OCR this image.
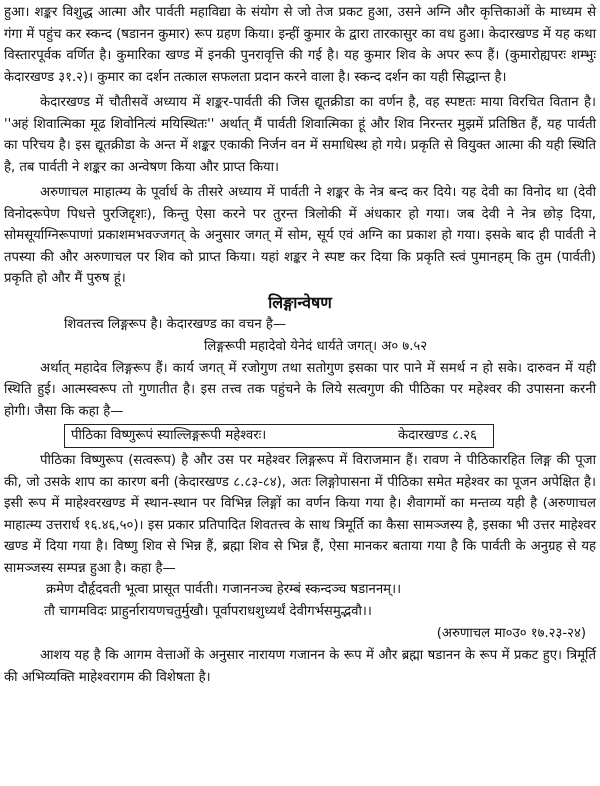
हुआ। शङ्कर विशुद्ध आत्मा और पार्वती महाविद्या के संयोग से जो तेज प्रकट हुआ, उसने अग्नि और कृत्तिकाओं के माध्यम से गंगा में पहुंच कर स्कन्द (षडानन कुमार) रूप ग्रहण किया। इन्हीं कुमार के द्वारा तारकासुर का वध हुआ। केदारखण्ड में यह कथा विस्तारपूर्वक वर्णित है। कुमारिका खण्ड में इनकी पुनरावृत्ति की गई है। यह कुमार शिव के अपर रूप हैं। (कुमारोह्यपरः शम्भुः केदारखण्ड ३१.२)। कुमार का दर्शन तत्काल सफलता प्रदान करने वाला है। स्कन्द दर्शन का यही सिद्धान्त है।

केदारखण्ड में चौतीसवें अध्याय में शङ्कर-पार्वती की जिस द्यूतक्रीडा का वर्णन है, वह स्पष्टतः माया विरचित वितान है। ''अहं शिवात्मिका मूढ शिवोनित्यं मयिस्थितः'' अर्थात् मैं पार्वती शिवात्मिका हूं और शिव निरन्तर मुझमें प्रतिष्ठित हैं, यह पार्वती का परिचय है। इस द्यूतक्रीडा के अन्त में शङ्कर एकाकी निर्जन वन में समाधिस्थ हो गये। प्रकृति से वियुक्त आत्मा की यही स्थिति है, तब पार्वती ने शङ्कर का अन्वेषण किया और प्राप्त किया।

अरुणाचल माहात्म्य के पूर्वार्ध के तीसरे अध्याय में पार्वती ने शङ्कर के नेत्र बन्द कर दिये। यह देवी का विनोद था (देवी विनोदरूपेण पिधत्ते पुरजिद्दृशः), किन्तु ऐसा करने पर तुरन्त त्रिलोकी में अंधकार हो गया। जब देवी ने नेत्र छोड़ दिया, सोमसूर्याग्निरूपाणां प्रकाशमभवज्जगत् के अनुसार जगत् में सोम, सूर्य एवं अग्नि का प्रकाश हो गया। इसके बाद ही पार्वती ने तपस्या की और अरुणाचल पर शिव को प्राप्त किया। यहां शङ्कर ने स्पष्ट कर दिया कि प्रकृति स्त्वं पुमानहम् कि तुम (पार्वती) प्रकृति हो और मैं पुरुष हूं।

लिङ्गान्वेषण
शिवतत्त्व लिङ्गरूप है। केदारखण्ड का वचन है—
लिङ्गरूपी महादेवो येनेदं धार्यते जगत्। अ० ७.५२

अर्थात् महादेव लिङ्गरूप हैं। कार्य जगत् में रजोगुण तथा सतोगुण इसका पार पाने में समर्थ न हो सके। दारुवन में यही स्थिति हुई। आत्मस्वरूप तो गुणातीत है। इस तत्त्व तक पहुंचने के लिये सत्वगुण की पीठिका पर महेश्वर की उपासना करनी होगी। जैसा कि कहा है—

पीठिका विष्णुरूपं स्याल्लिङ्गरूपी महेश्वरः।	केदारखण्ड ८.२६

पीठिका विष्णुरूप (सत्वरूप) है और उस पर महेश्वर लिङ्गरूप में विराजमान हैं। रावण ने पीठिकारहित लिङ्ग की पूजा की, जो उसके शाप का कारण बनी (केदारखण्ड ८.८३-८४), अतः लिङ्गोपासना में पीठिका समेत महेश्वर का पूजन अपेक्षित है। इसी रूप में माहेश्वरखण्ड में स्थान-स्थान पर विभिन्न लिङ्गों का वर्णन किया गया है। शैवागमों का मन्तव्य यही है (अरुणाचल माहात्म्य उत्तरार्ध १६.४६,५०)। इस प्रकार प्रतिपादित शिवतत्त्व के साथ त्रिमूर्ति का कैसा सामञ्जस्य है, इसका भी उत्तर माहेश्वर खण्ड में दिया गया है। विष्णु शिव से भिन्न हैं, ब्रह्मा शिव से भिन्न हैं, ऐसा मानकर बताया गया है कि पार्वती के अनुग्रह से यह सामञ्जस्य सम्पन्न हुआ है। कहा है—

क्रमेण दौर्हृदवती भूत्वा प्रासूत पार्वती। गजाननञ्च हेरम्बं स्कन्दञ्च षडाननम्।।
तौ चागमविदः प्राहुर्नारायणचतुर्मुखौ। पूर्वापराधशुध्यर्थं देवीगर्भसमुद्भवौ।।
(अरुणाचल मा०उ० १७.२३-२४)

आशय यह है कि आगम वेत्ताओं के अनुसार नारायण गजानन के रूप में और ब्रह्मा षडानन के रूप में प्रकट हुए। त्रिमूर्ति की अभिव्यक्ति माहेश्वरागम की विशेषता है।
